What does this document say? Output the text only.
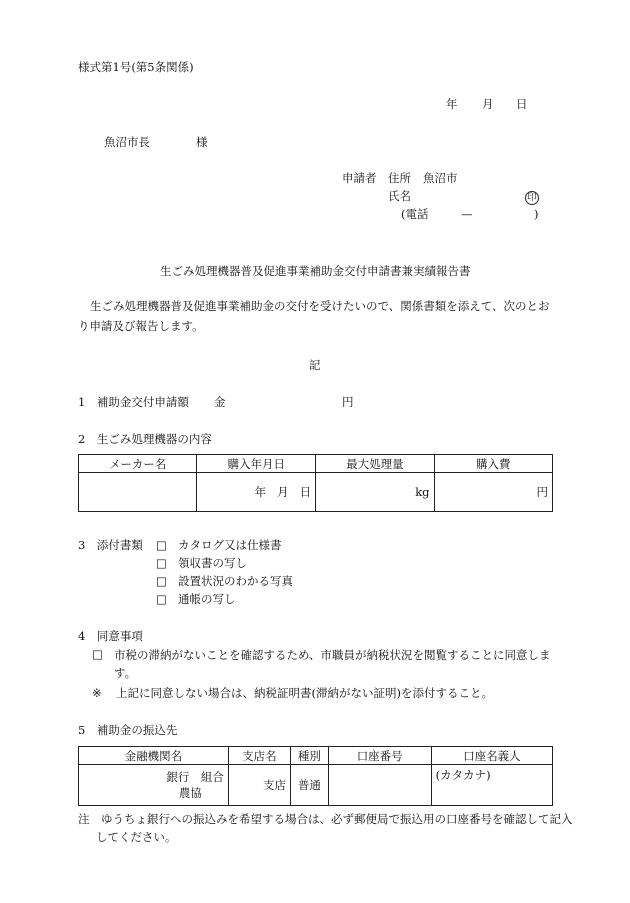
様式第1号(第5条関係)
年 月 日
魚沼市長	様
申請者 住所 魚沼市
氏名	印
(電話	—	)
生ごみ処理機器普及促進事業補助金交付申請書兼実績報告書
生ごみ処理機器普及促進事業補助金の交付を受けたいので、関係書類を添えて、次のとおり申請及び報告します。
記
1　補助金交付申請額 金	円
2　生ごみ処理機器の内容
メーカー名	購入年月日	最大処理量	購入費
	年 月 日	kg	円
3　添付書類 □ カタログ又は仕様書
□ 領収書の写し
□ 設置状況のわかる写真
□ 通帳の写し
4　同意事項
□ 市税の滞納がないことを確認するため、市職員が納税状況を閲覧することに同意します。
※ 上記に同意しない場合は、納税証明書(滞納がない証明)を添付すること。
5　補助金の振込先
金融機関名	支店名	種別	口座番号	口座名義人

銀行　組合
農協	支店	普通		(カタカナ)
注　ゆうちょ銀行への振込みを希望する場合は、必ず郵便局で振込用の口座番号を確認して記入してください。
